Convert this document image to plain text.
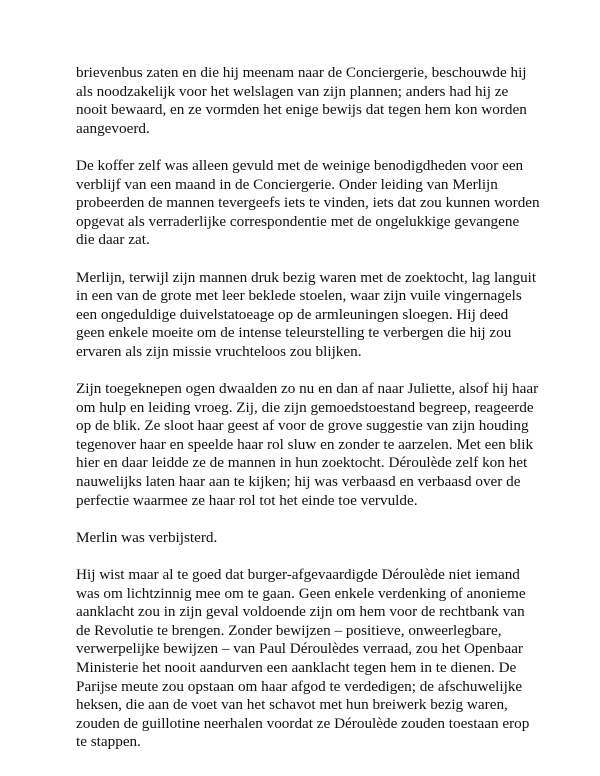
brievenbus zaten en die hij meenam naar de Conciergerie, beschouwde hij
als noodzakelijk voor het welslagen van zijn plannen; anders had hij ze
nooit bewaard, en ze vormden het enige bewijs dat tegen hem kon worden
aangevoerd.

De koffer zelf was alleen gevuld met de weinige benodigdheden voor een
verblijf van een maand in de Conciergerie. Onder leiding van Merlijn
probeerden de mannen tevergeefs iets te vinden, iets dat zou kunnen worden
opgevat als verraderlijke correspondentie met de ongelukkige gevangene
die daar zat.

Merlijn, terwijl zijn mannen druk bezig waren met de zoektocht, lag languit
in een van de grote met leer beklede stoelen, waar zijn vuile vingernagels
een ongeduldige duivelstatoeage op de armleuningen sloegen. Hij deed
geen enkele moeite om de intense teleurstelling te verbergen die hij zou
ervaren als zijn missie vruchteloos zou blijken.

Zijn toegeknepen ogen dwaalden zo nu en dan af naar Juliette, alsof hij haar
om hulp en leiding vroeg. Zij, die zijn gemoedstoestand begreep, reageerde
op de blik. Ze sloot haar geest af voor de grove suggestie van zijn houding
tegenover haar en speelde haar rol sluw en zonder te aarzelen. Met een blik
hier en daar leidde ze de mannen in hun zoektocht. Déroulède zelf kon het
nauwelijks laten haar aan te kijken; hij was verbaasd en verbaasd over de
perfectie waarmee ze haar rol tot het einde toe vervulde.

Merlin was verbijsterd.

Hij wist maar al te goed dat burger-afgevaardigde Déroulède niet iemand
was om lichtzinnig mee om te gaan. Geen enkele verdenking of anonieme
aanklacht zou in zijn geval voldoende zijn om hem voor de rechtbank van
de Revolutie te brengen. Zonder bewijzen – positieve, onweerlegbare,
verwerpelijke bewijzen – van Paul Déroulèdes verraad, zou het Openbaar
Ministerie het nooit aandurven een aanklacht tegen hem in te dienen. De
Parijse meute zou opstaan om haar afgod te verdedigen; de afschuwelijke
heksen, die aan de voet van het schavot met hun breiwerk bezig waren,
zouden de guillotine neerhalen voordat ze Déroulède zouden toestaan erop
te stappen.
